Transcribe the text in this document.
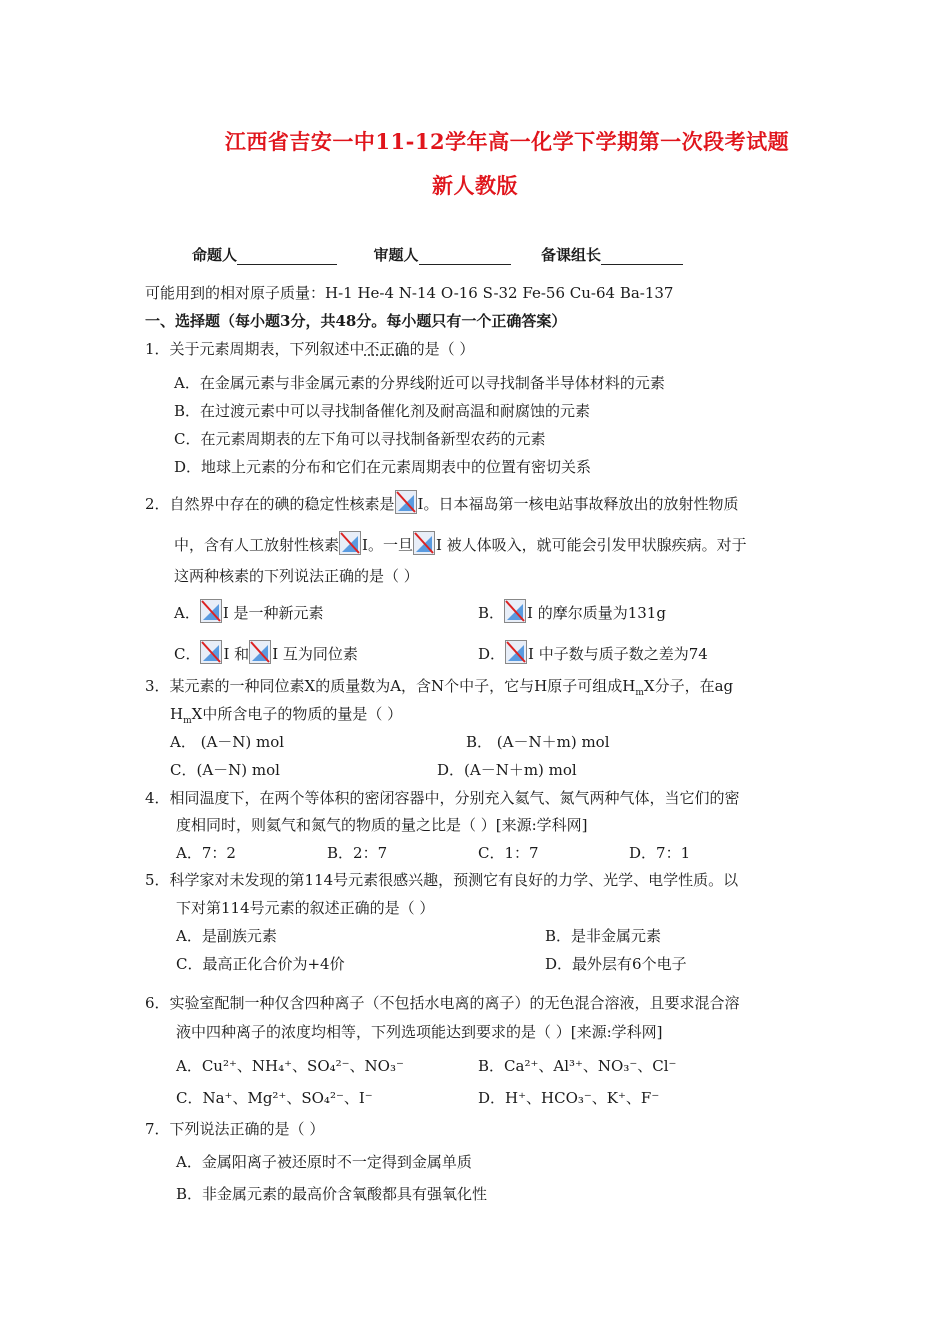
江西省吉安一中11-12学年高一化学下学期第一次段考试题
新人教版
命题人	审题人	备课组长
可能用到的相对原子质量：H-1 He-4 N-14 O-16 S-32 Fe-56 Cu-64 Ba-137
一、选择题（每小题3分，共48分。每小题只有一个正确答案）
1．关于元素周期表，下列叙述中不正确的是（ ）
A．在金属元素与非金属元素的分界线附近可以寻找制备半导体材料的元素
B．在过渡元素中可以寻找制备催化剂及耐高温和耐腐蚀的元素
C．在元素周期表的左下角可以寻找制备新型农药的元素
D．地球上元素的分布和它们在元素周期表中的位置有密切关系
2．自然界中存在的碘的稳定性核素是 I。日本福岛第一核电站事故释放出的放射性物质
中，含有人工放射性核素 I。一旦 I 被人体吸入，就可能会引发甲状腺疾病。对于
这两种核素的下列说法正确的是（ ）
A． I 是一种新元素	B． I 的摩尔质量为131g
C． I 和 I 互为同位素	D． I 中子数与质子数之差为74
3．某元素的一种同位素X的质量数为A，含N个中子，它与H原子可组成$H_mX$分子，在ag
$H_mX$中所含电子的物质的量是（ ）
A． (A－N) mol	B． (A－N＋m) mol
C．(A－N) mol	D．(A－N＋m) mol
4．相同温度下，在两个等体积的密闭容器中，分别充入氦气、氮气两种气体，当它们的密
度相同时，则氦气和氮气的物质的量之比是（ ）[来源:学科网]
A．7：2	B．2：7	C．1：7	D．7：1
5．科学家对未发现的第114号元素很感兴趣，预测它有良好的力学、光学、电学性质。以
下对第114号元素的叙述正确的是（ ）
A．是副族元素	B．是非金属元素
C．最高正化合价为+4价	D．最外层有6个电子
6．实验室配制一种仅含四种离子（不包括水电离的离子）的无色混合溶液，且要求混合溶
液中四种离子的浓度均相等，下列选项能达到要求的是（ ）[来源:学科网]
A．Cu²⁺、NH₄⁺、SO₄²⁻、NO₃⁻	B．Ca²⁺、Al³⁺、NO₃⁻、Cl⁻
C．Na⁺、Mg²⁺、SO₄²⁻、I⁻	D．H⁺、HCO₃⁻、K⁺、F⁻
7．下列说法正确的是（ ）
A．金属阳离子被还原时不一定得到金属单质
B．非金属元素的最高价含氧酸都具有强氧化性
